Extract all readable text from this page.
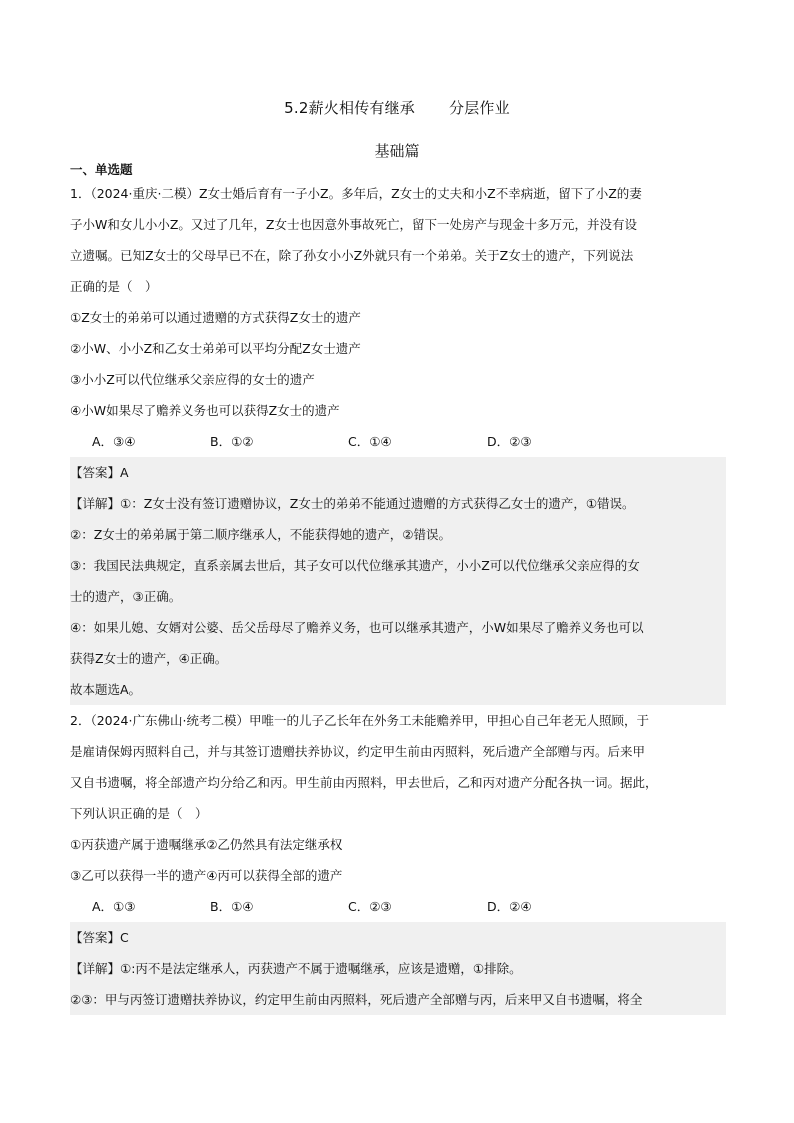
5.2薪火相传有继承 分层作业
基础篇
一、单选题

1．（2024·重庆·二模）Z女士婚后育有一子小Z。多年后，Z女士的丈夫和小Z不幸病逝，留下了小Z的妻

子小W和女儿小小Z。又过了几年，Z女士也因意外事故死亡，留下一处房产与现金十多万元，并没有设

立遗嘱。已知Z女士的父母早已不在，除了孙女小小Z外就只有一个弟弟。关于Z女士的遗产，下列说法

正确的是（　）

①Z女士的弟弟可以通过遗赠的方式获得Z女士的遗产

②小W、小小Z和乙女士弟弟可以平均分配Z女士遗产

③小小Z可以代位继承父亲应得的女士的遗产

④小W如果尽了赡养义务也可以获得Z女士的遗产

A．③④	B．①②	C．①④	D．②③

【答案】A

【详解】①：Z女士没有签订遗赠协议，Z女士的弟弟不能通过遗赠的方式获得乙女士的遗产，①错误。

②：Z女士的弟弟属于第二顺序继承人，不能获得她的遗产，②错误。

③：我国民法典规定，直系亲属去世后，其子女可以代位继承其遗产，小小Z可以代位继承父亲应得的女

士的遗产，③正确。

④：如果儿媳、女婿对公婆、岳父岳母尽了赡养义务，也可以继承其遗产，小W如果尽了赡养义务也可以

获得Z女士的遗产，④正确。

故本题选A。

2．（2024·广东佛山·统考二模）甲唯一的儿子乙长年在外务工未能赡养甲，甲担心自己年老无人照顾，于

是雇请保姆丙照料自己，并与其签订遗赠扶养协议，约定甲生前由丙照料，死后遗产全部赠与丙。后来甲

又自书遗嘱，将全部遗产均分给乙和丙。甲生前由丙照料，甲去世后，乙和丙对遗产分配各执一词。据此，

下列认识正确的是（　）

①丙获遗产属于遗嘱继承②乙仍然具有法定继承权

③乙可以获得一半的遗产④丙可以获得全部的遗产

A．①③	B．①④	C．②③	D．②④

【答案】C

【详解】①:丙不是法定继承人，丙获遗产不属于遗嘱继承，应该是遗赠，①排除。

②③：甲与丙签订遗赠扶养协议，约定甲生前由丙照料，死后遗产全部赠与丙，后来甲又自书遗嘱，将全
